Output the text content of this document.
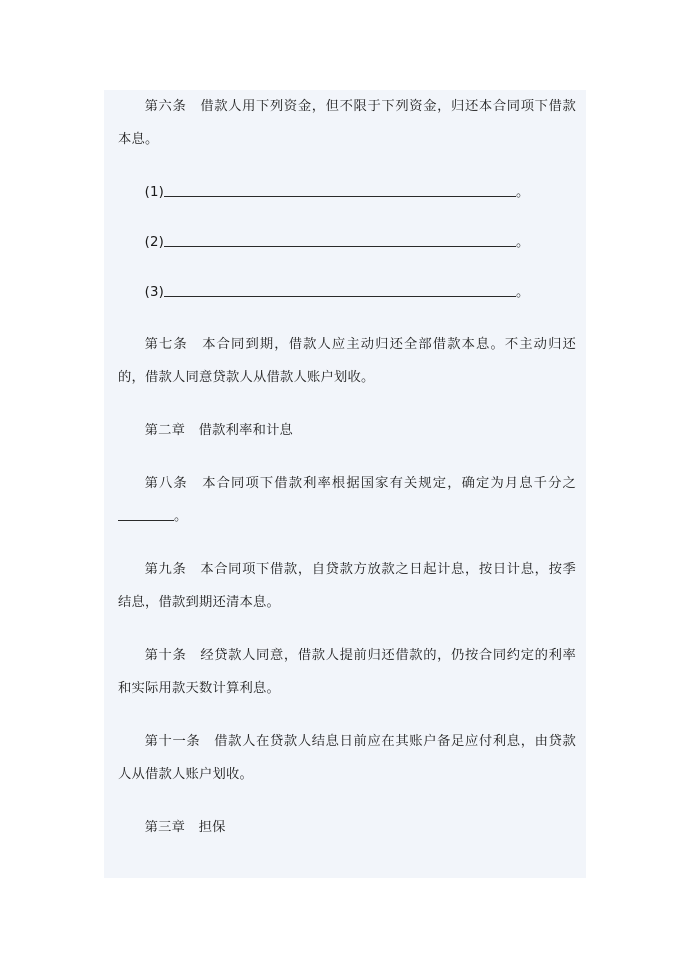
第六条　借款人用下列资金，但不限于下列资金，归还本合同项下借款本息。

(1)	。

(2)	。

(3)	。

第七条　本合同到期，借款人应主动归还全部借款本息。不主动归还的，借款人同意贷款人从借款人账户划收。

第二章　借款利率和计息

第八条　本合同项下借款利率根据国家有关规定，确定为月息千分之。

第九条　本合同项下借款，自贷款方放款之日起计息，按日计息，按季结息，借款到期还清本息。

第十条　经贷款人同意，借款人提前归还借款的，仍按合同约定的利率和实际用款天数计算利息。

第十一条　借款人在贷款人结息日前应在其账户备足应付利息，由贷款人从借款人账户划收。

第三章　担保
